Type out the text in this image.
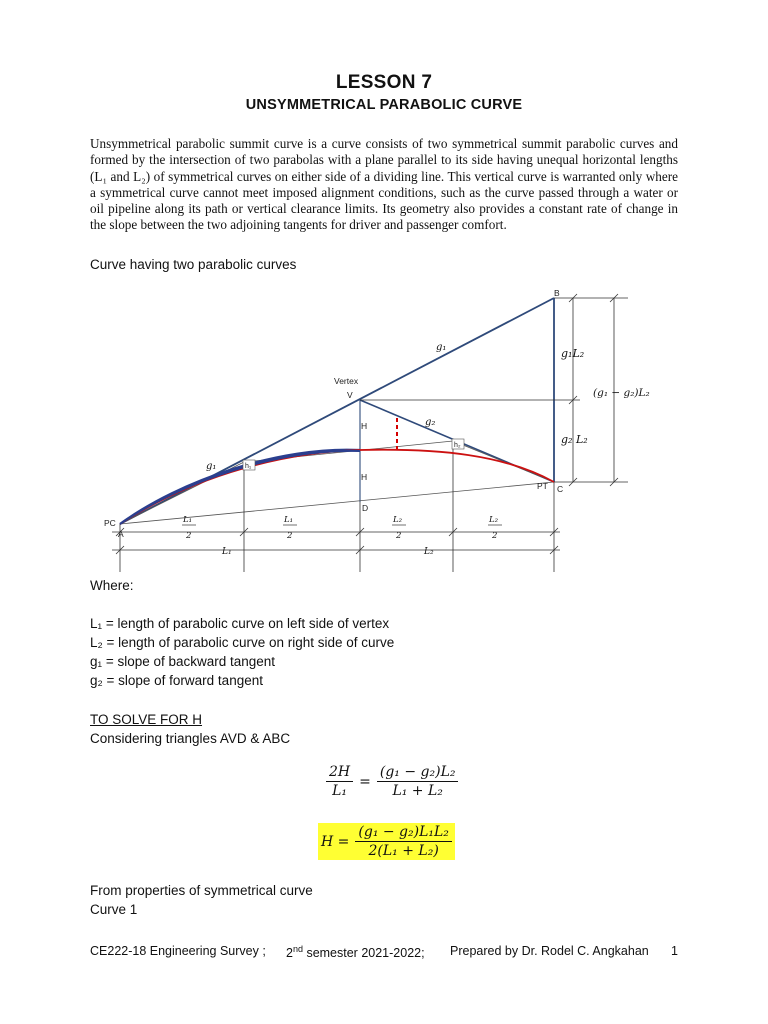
LESSON 7
UNSYMMETRICAL PARABOLIC CURVE

Unsymmetrical parabolic summit curve is a curve consists of two symmetrical summit parabolic curves and formed by the intersection of two parabolas with a plane parallel to its side having unequal horizontal lengths (L₁ and L₂) of symmetrical curves on either side of a dividing line. This vertical curve is warranted only where a symmetrical curve cannot meet imposed alignment conditions, such as the curve passed through a water or oil pipeline along its path or vertical clearance limits. Its geometry also provides a constant rate of change in the slope between the two adjoining tangents for driver and passenger comfort.

Curve having two parabolic curves
B
Vertex
V
H
H
D
PC
A
PT C
h₁
h₂
g₁
g₁
g₂
g₁L₂
g₂ L₂
(g₁ − g₂)L₂
L₁
2
L₁
2
L₂
2
L₂
2
L₁	L₂
Where:
L₁ = length of parabolic curve on left side of vertex
L₂ = length of parabolic curve on right side of curve
g₁ = slope of backward tangent
g₂ = slope of forward tangent
TO SOLVE FOR H
Considering triangles AVD & ABC
$\frac{2H}{\text{L₁}} = \frac{\text{(g₁ − g₂)L₂}}{\text{L₁ + L₂}}$
$H = \frac{\text{(g₁ − g₂)L₁L₂}}{\text{2(L₁ + L₂)}}$
From properties of symmetrical curve
Curve 1
CE222-18 Engineering Survey ; 2nd semester 2021-2022; Prepared by Dr. Rodel C. Angkahan 1
